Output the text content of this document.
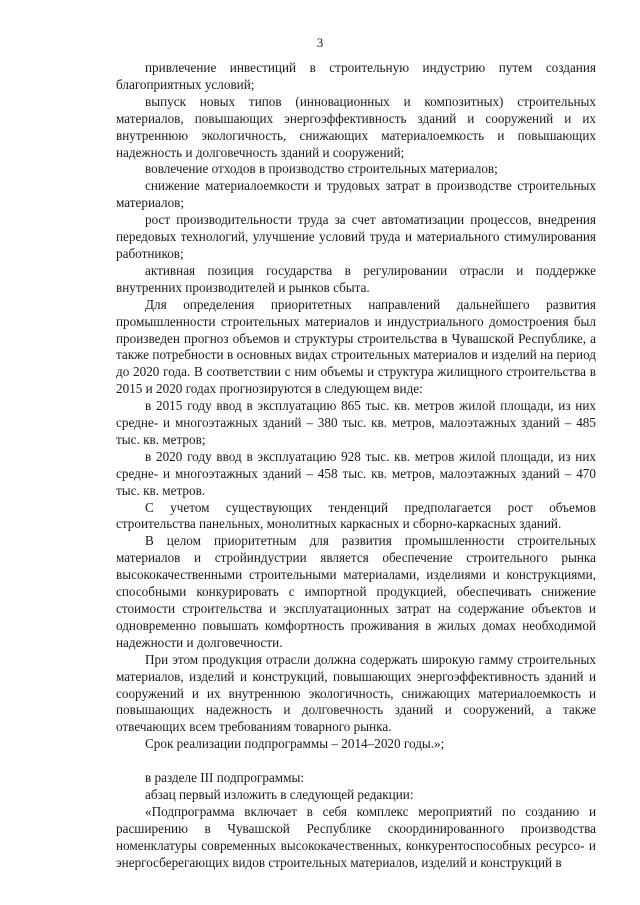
3

привлечение инвестиций в строительную индустрию путем создания благоприятных условий;

выпуск новых типов (инновационных и композитных) строительных материалов, повышающих энергоэффективность зданий и сооружений и их внутреннюю экологичность, снижающих материалоемкость и повышающих надежность и долговечность зданий и сооружений;

вовлечение отходов в производство строительных материалов;

снижение материалоемкости и трудовых затрат в производстве строительных материалов;

рост производительности труда за счет автоматизации процессов, внедрения передовых технологий, улучшение условий труда и материального стимулирования работников;

активная позиция государства в регулировании отрасли и поддержке внутренних производителей и рынков сбыта.

Для определения приоритетных направлений дальнейшего развития промышленности строительных материалов и индустриального домостроения был произведен прогноз объемов и структуры строительства в Чувашской Республике, а также потребности в основных видах строительных материалов и изделий на период до 2020 года. В соответствии с ним объемы и структура жилищного строительства в 2015 и 2020 годах прогнозируются в следующем виде:

в 2015 году ввод в эксплуатацию 865 тыс. кв. метров жилой площади, из них средне- и многоэтажных зданий – 380 тыс. кв. метров, малоэтажных зданий – 485 тыс. кв. метров;

в 2020 году ввод в эксплуатацию 928 тыс. кв. метров жилой площади, из них средне- и многоэтажных зданий – 458 тыс. кв. метров, малоэтажных зданий – 470 тыс. кв. метров.

С учетом существующих тенденций предполагается рост объемов строительства панельных, монолитных каркасных и сборно-каркасных зданий.

В целом приоритетным для развития промышленности строительных материалов и стройиндустрии является обеспечение строительного рынка высококачественными строительными материалами, изделиями и конструкциями, способными конкурировать с импортной продукцией, обеспечивать снижение стоимости строительства и эксплуатационных затрат на содержание объектов и одновременно повышать комфортность проживания в жилых домах необходимой надежности и долговечности.

При этом продукция отрасли должна содержать широкую гамму строительных материалов, изделий и конструкций, повышающих энергоэффективность зданий и сооружений и их внутреннюю экологичность, снижающих материалоемкость и повышающих надежность и долговечность зданий и сооружений, а также отвечающих всем требованиям товарного рынка.

Срок реализации подпрограммы – 2014–2020 годы.»;

в разделе III подпрограммы:

абзац первый изложить в следующей редакции:

«Подпрограмма включает в себя комплекс мероприятий по созданию и расширению в Чувашской Республике скоординированного производства номенклатуры современных высококачественных, конкурентоспособных ресурсо- и энергосберегающих видов строительных материалов, изделий и конструкций в
